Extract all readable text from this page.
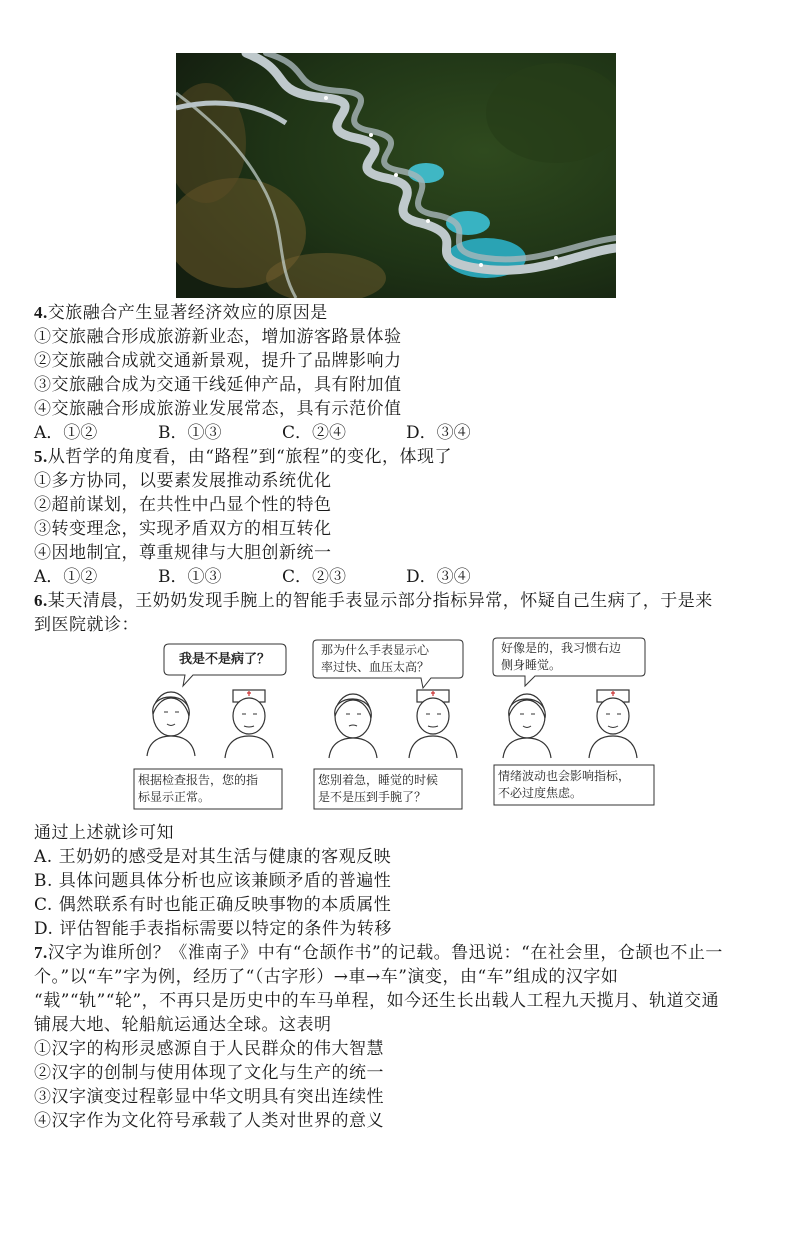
4.交旅融合产生显著经济效应的原因是
①交旅融合形成旅游新业态，增加游客路景体验
②交旅融合成就交通新景观，提升了品牌影响力
③交旅融合成为交通干线延伸产品，具有附加值
④交旅融合形成旅游业发展常态，具有示范价值
A．①②	B．①③	C．②④	D．③④
5.从哲学的角度看，由“路程”到“旅程”的变化，体现了
①多方协同，以要素发展推动系统优化
②超前谋划，在共性中凸显个性的特色
③转变理念，实现矛盾双方的相互转化
④因地制宜，尊重规律与大胆创新统一
A．①②	B．①③	C．②③	D．③④
6.某天清晨，王奶奶发现手腕上的智能手表显示部分指标异常，怀疑自己生病了，于是来
到医院就诊：
我是不是病了？
根据检查报告，您的指
标显示正常。
那为什么手表显示心
率过快、血压太高？
您别着急，睡觉的时候
是不是压到手腕了？
好像是的，我习惯右边
侧身睡觉。
情绪波动也会影响指标，
不必过度焦虑。
通过上述就诊可知
A. 王奶奶的感受是对其生活与健康的客观反映
B. 具体问题具体分析也应该兼顾矛盾的普遍性
C. 偶然联系有时也能正确反映事物的本质属性
D. 评估智能手表指标需要以特定的条件为转移
7.汉字为谁所创？《淮南子》中有“仓颉作书”的记载。鲁迅说：“在社会里，仓颉也不止一
个。”以“车”字为例，经历了“（古字形）→車→车”演变，由“车”组成的汉字如
“载”“轨”“轮”，不再只是历史中的车马单程，如今还生长出载人工程九天揽月、轨道交通
铺展大地、轮船航运通达全球。这表明
①汉字的构形灵感源自于人民群众的伟大智慧
②汉字的创制与使用体现了文化与生产的统一
③汉字演变过程彰显中华文明具有突出连续性
④汉字作为文化符号承载了人类对世界的意义
